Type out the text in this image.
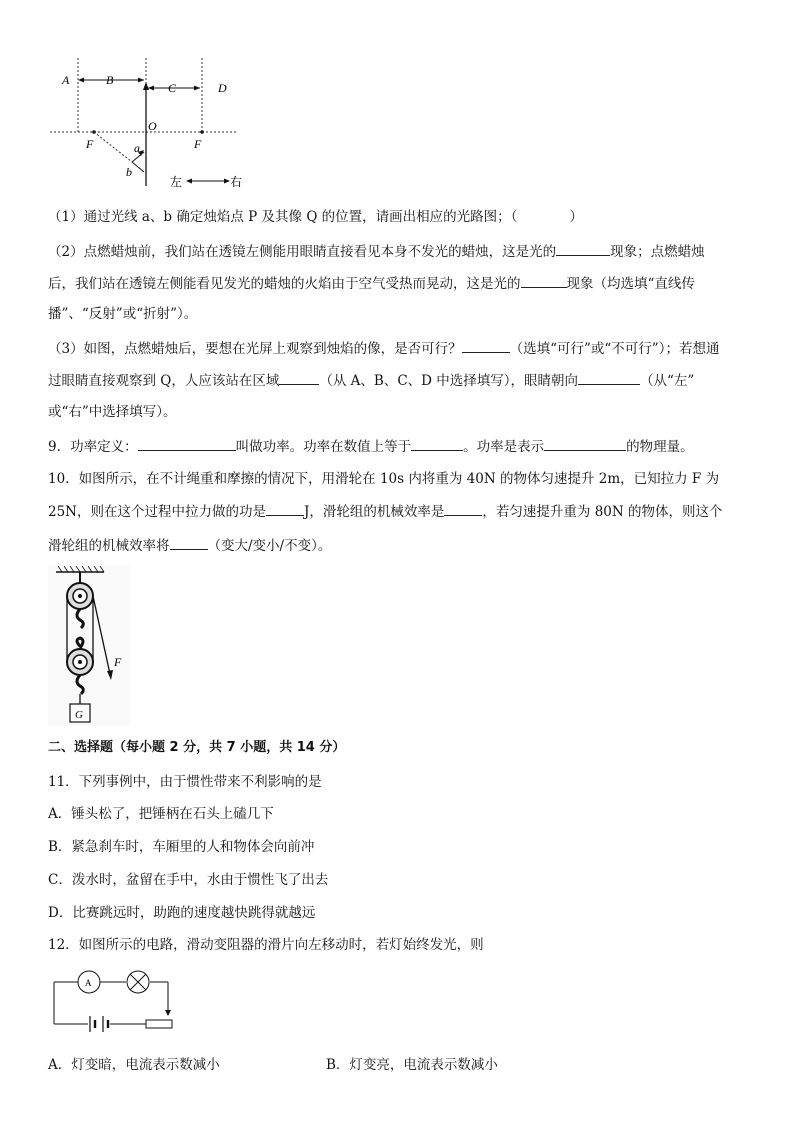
A	B
C	D
O
F	F
a
b
左	右
（1）通过光线 a、b 确定烛焰点 P 及其像 Q 的位置，请画出相应的光路图；（	）
（2）点燃蜡烛前，我们站在透镜左侧能用眼睛直接看见本身不发光的蜡烛，这是光的	现象；点燃蜡烛
后，我们站在透镜左侧能看见发光的蜡烛的火焰由于空气受热而晃动，这是光的	现象（均选填“直线传
播”、“反射”或“折射”）。
（3）如图，点燃蜡烛后，要想在光屏上观察到烛焰的像，是否可行？	（选填“可行”或“不可行”）；若想通
过眼睛直接观察到 Q，人应该站在区域	（从 A、B、C、D 中选择填写），眼睛朝向	（从“左”
或“右”中选择填写）。
9．功率定义：	叫做功率。功率在数值上等于	。功率是表示	的物理量。
10．如图所示，在不计绳重和摩擦的情况下，用滑轮在 10s 内将重为 40N 的物体匀速提升 2m，已知拉力 F 为
25N，则在这个过程中拉力做的功是	J，滑轮组的机械效率是	，若匀速提升重为 80N 的物体，则这个
滑轮组的机械效率将	（变大/变小/不变）。
F
G
二、选择题（每小题 2 分，共 7 小题，共 14 分）
11．下列事例中，由于惯性带来不利影响的是
A．锤头松了，把锤柄在石头上磕几下
B．紧急刹车时，车厢里的人和物体会向前冲
C．泼水时，盆留在手中，水由于惯性飞了出去
D．比赛跳远时，助跑的速度越快跳得就越远
12．如图所示的电路，滑动变阻器的滑片向左移动时，若灯始终发光，则
A
A．灯变暗，电流表示数减小	B．灯变亮，电流表示数减小
